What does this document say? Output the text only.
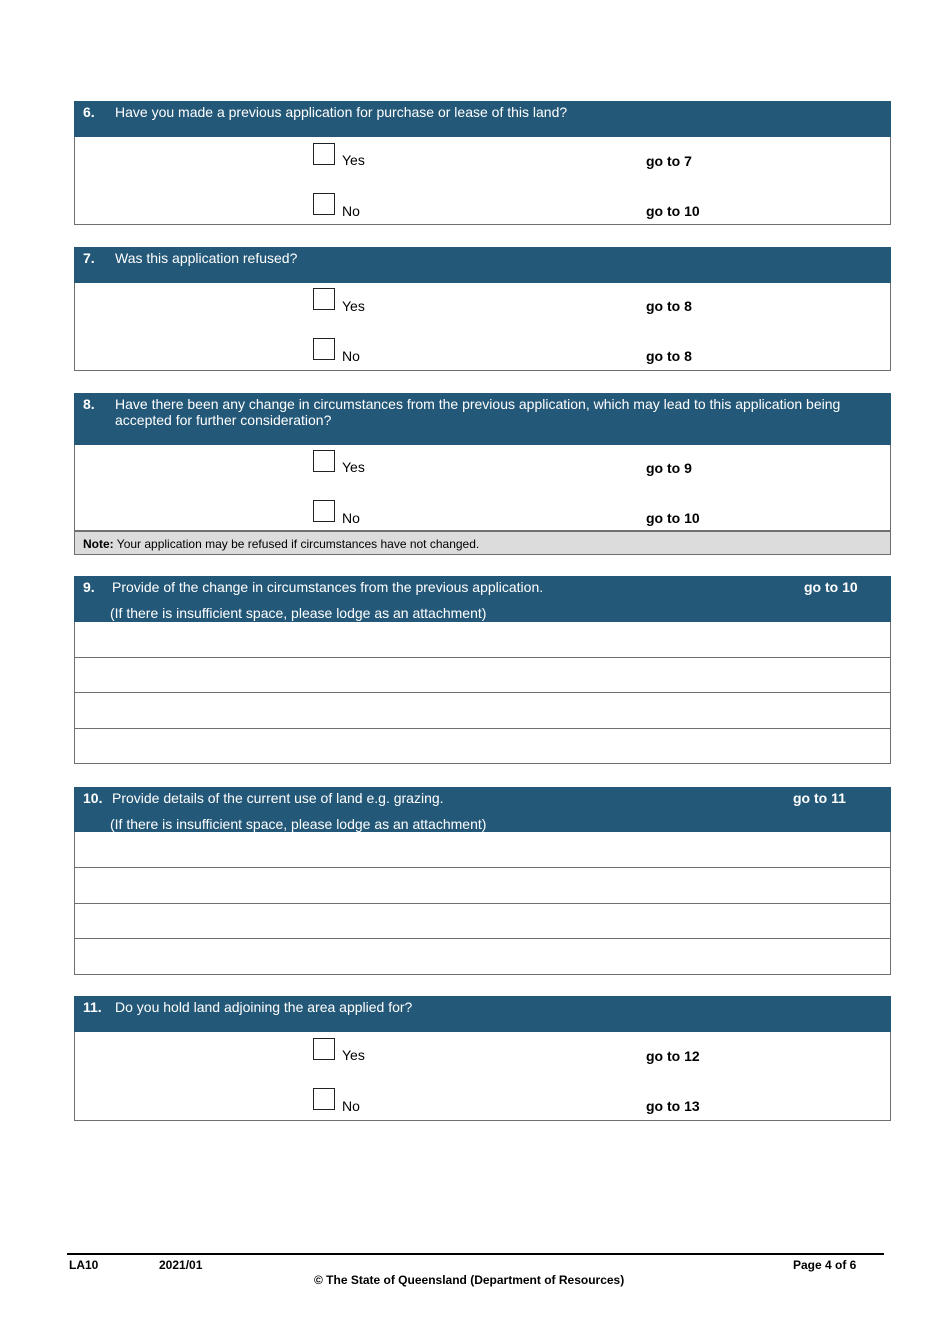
6. Have you made a previous application for purchase or lease of this land?
Yes	go to 7
No	go to 10
7. Was this application refused?
Yes	go to 8
No	go to 8
8. Have there been any change in circumstances from the previous application, which may lead to this application being accepted for further consideration?
Yes	go to 9
No	go to 10
Note: Your application may be refused if circumstances have not changed.
9. Provide of the change in circumstances from the previous application.
(If there is insufficient space, please lodge as an attachment)
go to 10
10. Provide details of the current use of land e.g. grazing.
(If there is insufficient space, please lodge as an attachment)
go to 11
11. Do you hold land adjoining the area applied for?
Yes	go to 12
No	go to 13
LA10	2021/01	Page 4 of 6
© The State of Queensland (Department of Resources)
